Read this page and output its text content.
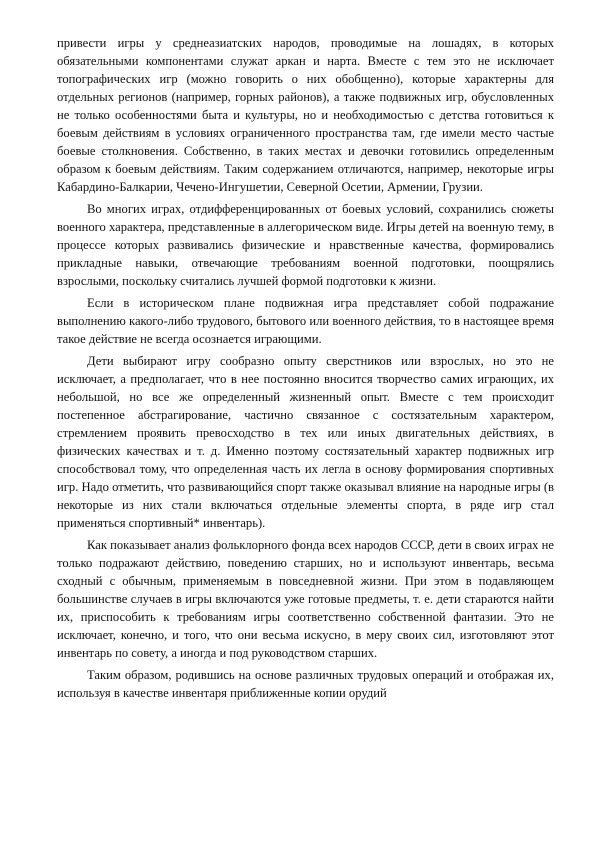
привести игры у среднеазиатских народов, проводимые на лошадях, в которых обязательными компонентами служат аркан и нарта. Вместе с тем это не исключает топографических игр (можно говорить о них обобщенно), которые характерны для отдельных регионов (например, горных районов), а также подвижных игр, обусловленных не только особенностями быта и культуры, но и необходимостью с детства готовиться к боевым действиям в условиях ограниченного пространства там, где имели место частые боевые столкновения. Собственно, в таких местах и девочки готовились определенным образом к боевым действиям. Таким содержанием отличаются, например, некоторые игры Кабардино-Балкарии, Чечено-Ингушетии, Северной Осетии, Армении, Грузии.

Во многих играх, отдифференцированных от боевых условий, сохранились сюжеты военного характера, представленные в аллегорическом виде. Игры детей на военную тему, в процессе которых развивались физические и нравственные качества, формировались прикладные навыки, отвечающие требованиям военной подготовки, поощрялись взрослыми, поскольку считались лучшей формой подготовки к жизни.

Если в историческом плане подвижная игра представляет собой подражание выполнению какого-либо трудового, бытового или военного действия, то в настоящее время такое действие не всегда осознается играющими.

Дети выбирают игру сообразно опыту сверстников или взрослых, но это не исключает, а предполагает, что в нее постоянно вносится творчество самих играющих, их небольшой, но все же определенный жизненный опыт. Вместе с тем происходит постепенное абстрагирование, частично связанное с состязательным характером, стремлением проявить превосходство в тех или иных двигательных действиях, в физических качествах и т. д. Именно поэтому состязательный характер подвижных игр способствовал тому, что определенная часть их легла в основу формирования спортивных игр. Надо отметить, что развивающийся спорт также оказывал влияние на народные игры (в некоторые из них стали включаться отдельные элементы спорта, в ряде игр стал применяться спортивный* инвентарь).

Как показывает анализ фольклорного фонда всех народов СССР, дети в своих играх не только подражают действию, поведению старших, но и используют инвентарь, весьма сходный с обычным, применяемым в повседневной жизни. При этом в подавляющем большинстве случаев в игры включаются уже готовые предметы, т. е. дети стараются найти их, приспособить к требованиям игры соответственно собственной фантазии. Это не исключает, конечно, и того, что они весьма искусно, в меру своих сил, изготовляют этот инвентарь по совету, а иногда и под руководством старших.

Таким образом, родившись на основе различных трудовых операций и отображая их, используя в качестве инвентаря приближенные копии орудий
